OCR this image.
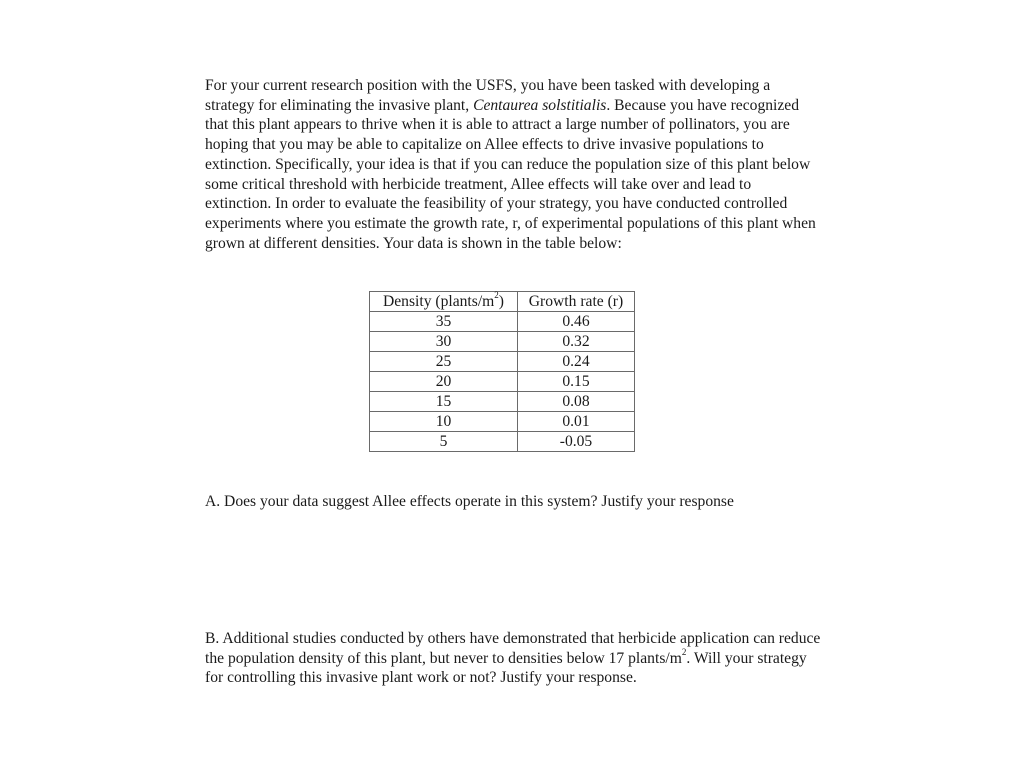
For your current research position with the USFS, you have been tasked with developing a strategy for eliminating the invasive plant, Centaurea solstitialis. Because you have recognized that this plant appears to thrive when it is able to attract a large number of pollinators, you are hoping that you may be able to capitalize on Allee effects to drive invasive populations to extinction. Specifically, your idea is that if you can reduce the population size of this plant below some critical threshold with herbicide treatment, Allee effects will take over and lead to extinction. In order to evaluate the feasibility of your strategy, you have conducted controlled experiments where you estimate the growth rate, r, of experimental populations of this plant when grown at different densities. Your data is shown in the table below:

Density $(plants/m^2)$	Growth rate (r)
35	0.46
30	0.32
25	0.24
20	0.15
15	0.08
10	0.01
5	-0.05

A. Does your data suggest Allee effects operate in this system? Justify your response

B. Additional studies conducted by others have demonstrated that herbicide application can reduce the population density of this plant, but never to densities below 17 plants/$m^2$. Will your strategy for controlling this invasive plant work or not? Justify your response.
